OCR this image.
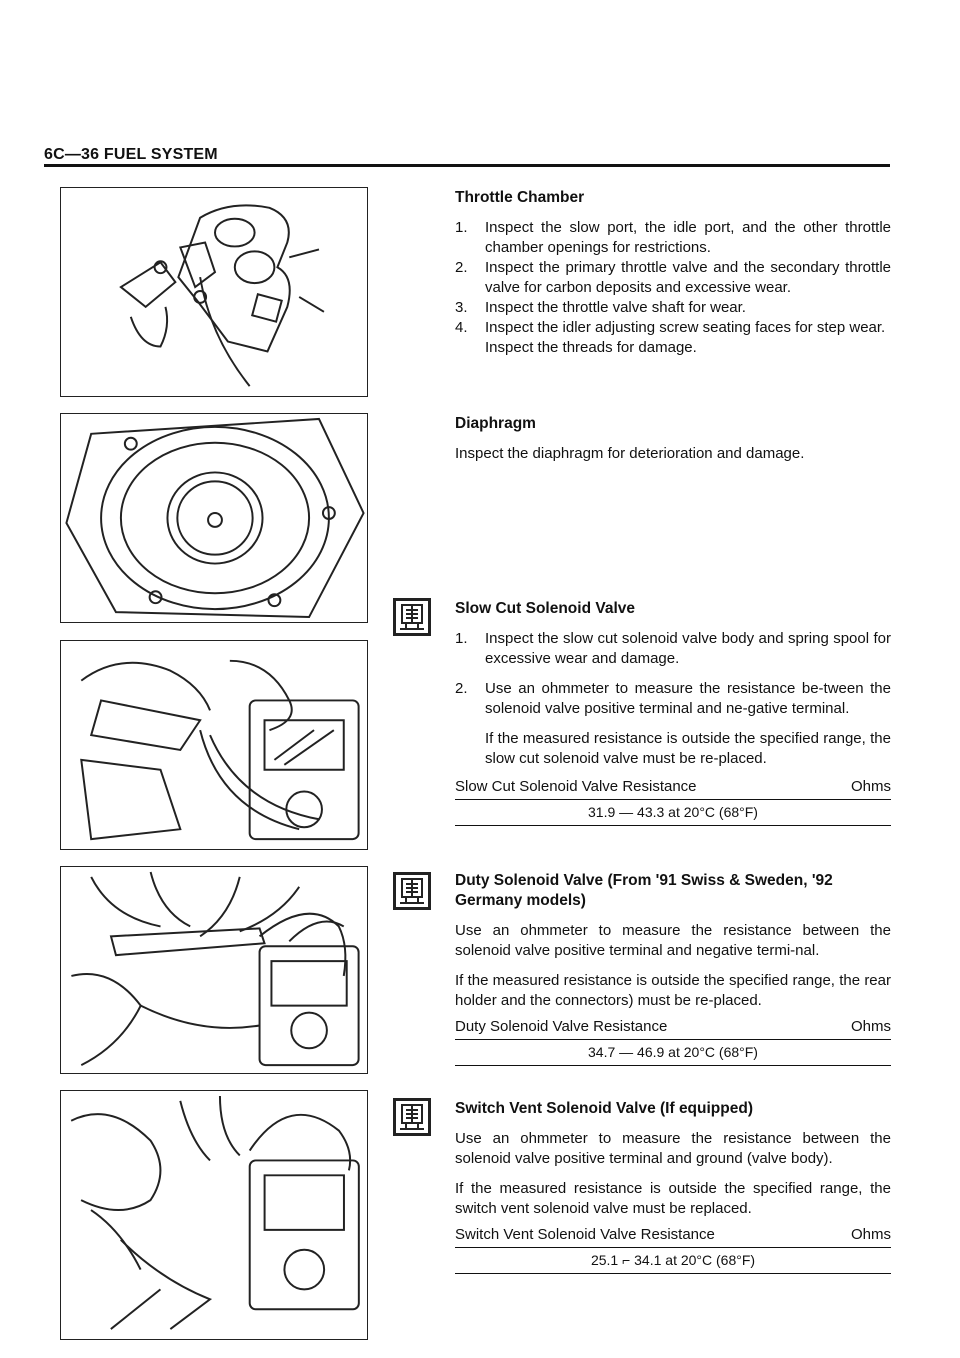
6C—36 FUEL SYSTEM
Throttle Chamber
1. Inspect the slow port, the idle port, and the other throttle chamber openings for restrictions.
2. Inspect the primary throttle valve and the secondary throttle valve for carbon deposits and excessive wear.
3. Inspect the throttle valve shaft for wear.
4. Inspect the idler adjusting screw seating faces for step wear.
Inspect the threads for damage.
Diaphragm

Inspect the diaphragm for deterioration and damage.

Slow Cut Solenoid Valve
1. Inspect the slow cut solenoid valve body and spring spool for excessive wear and damage.
2. Use an ohmmeter to measure the resistance be-tween the solenoid valve positive terminal and ne-gative terminal.
If the measured resistance is outside the specified range, the slow cut solenoid valve must be re-placed.
Slow Cut Solenoid Valve Resistance	Ohms
31.9 — 43.3 at 20°C (68°F)
Duty Solenoid Valve (From '91 Swiss & Sweden, '92 Germany models)

Use an ohmmeter to measure the resistance between the solenoid valve positive terminal and negative termi-nal.

If the measured resistance is outside the specified range, the rear holder and the connectors) must be re-placed.

Duty Solenoid Valve Resistance	Ohms
34.7 — 46.9 at 20°C (68°F)
Switch Vent Solenoid Valve (If equipped)

Use an ohmmeter to measure the resistance between the solenoid valve positive terminal and ground (valve body).

If the measured resistance is outside the specified range, the switch vent solenoid valve must be replaced.

Switch Vent Solenoid Valve Resistance	Ohms
25.1 ⌐ 34.1 at 20°C (68°F)
